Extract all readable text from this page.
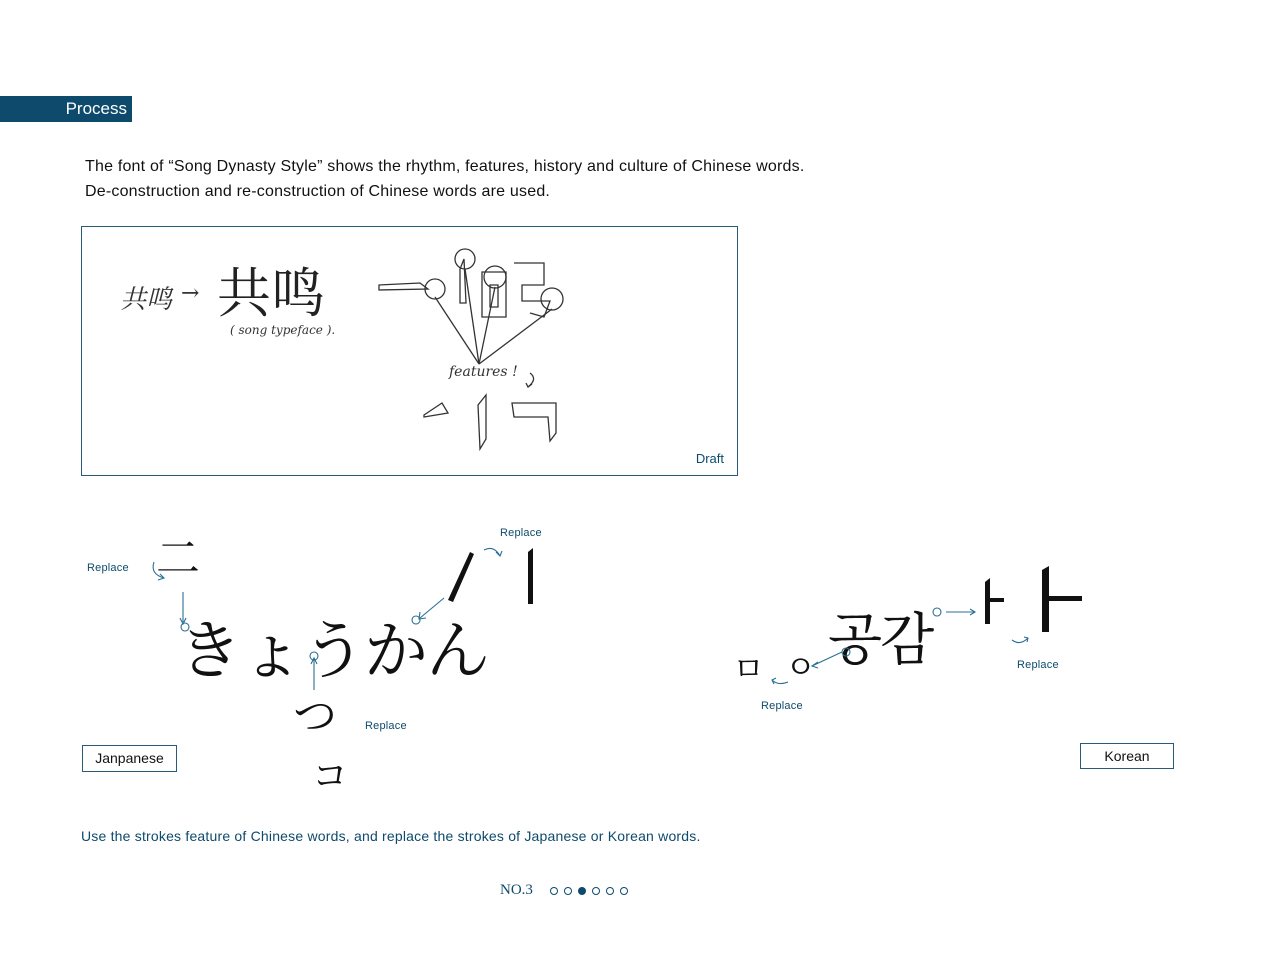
Process
The font of “Song Dynasty Style” shows the rhythm, features, history and culture of Chinese words.
De-construction and re-construction of Chinese words are used.
共鸣 → 共鸣
( song typeface ).
features !
Draft
二
きょうかん
つ
コ
Replace
Replace
Replace
Janpanese
ㅁ ㅇ 공감	Replace
Replace
Korean
Use the strokes feature of Chinese words, and replace the strokes of Japanese or Korean words.
NO.3
